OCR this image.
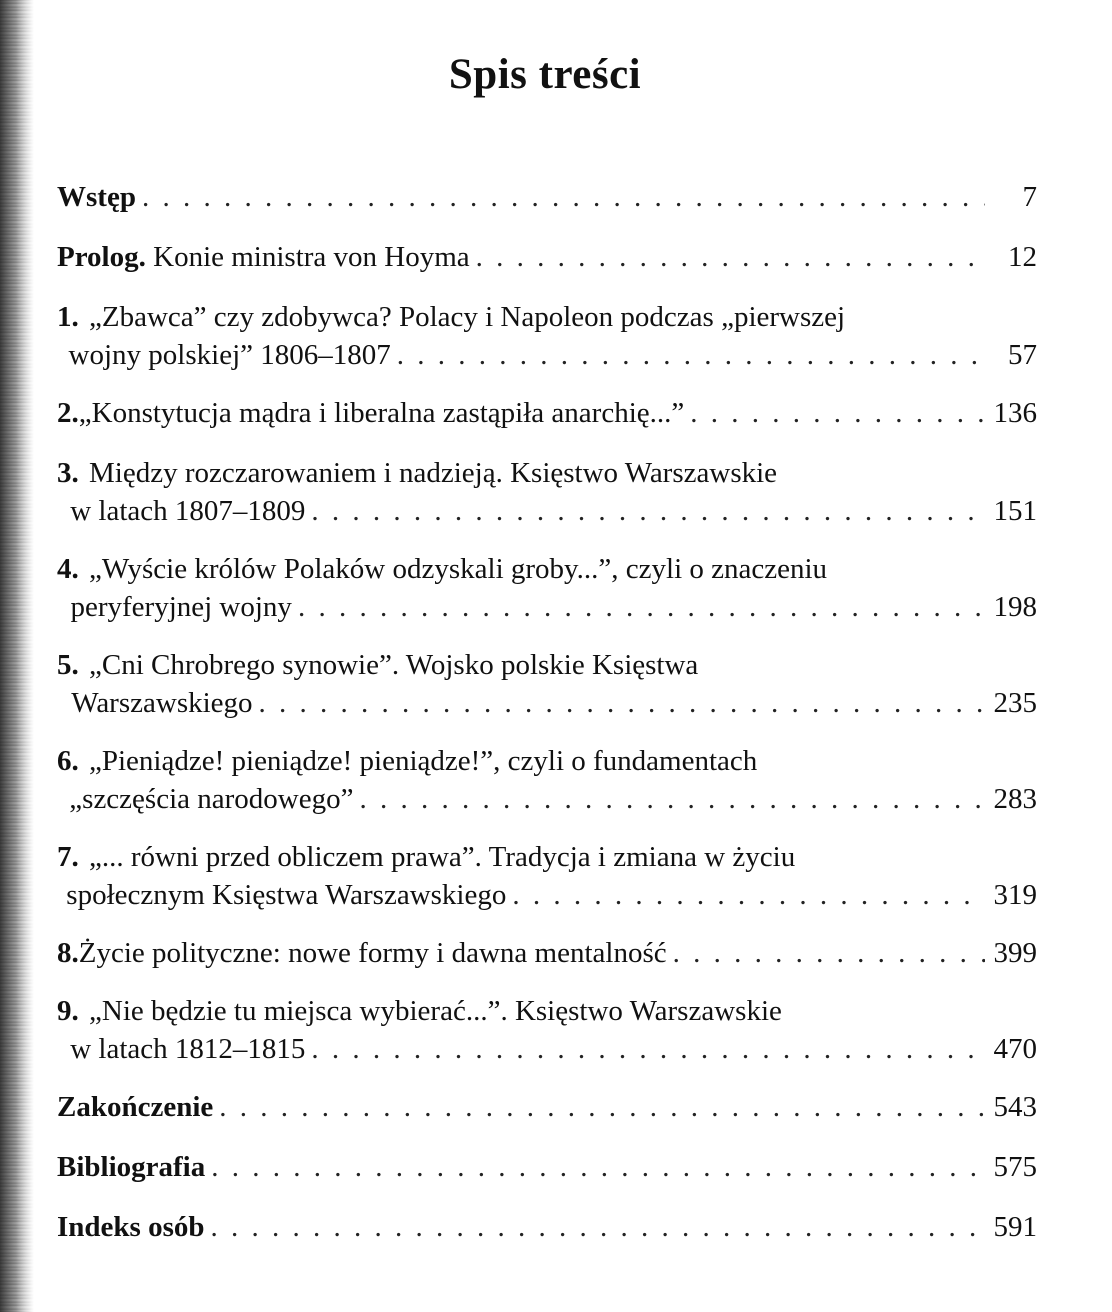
Spis treści
Wstęp . . .	7
Prolog. Konie ministra von Hoyma . . .	12
1. „Zbawca” czy zdobywca? Polacy i Napoleon podczas „pierwszej
wojny polskiej” 1806–1807 . . .	57
2. „Konstytucja mądra i liberalna zastąpiła anarchię...” . . .	136
3. Między rozczarowaniem i nadzieją. Księstwo Warszawskie
w latach 1807–1809 . . .	151
4. „Wyście królów Polaków odzyskali groby...”, czyli o znaczeniu
peryferyjnej wojny . . .	198
5. „Cni Chrobrego synowie”. Wojsko polskie Księstwa
Warszawskiego . . .	235
6. „Pieniądze! pieniądze! pieniądze!”, czyli o fundamentach
„szczęścia narodowego” . . .	283
7. „... równi przed obliczem prawa”. Tradycja i zmiana w życiu
społecznym Księstwa Warszawskiego . . .	319
8. Życie polityczne: nowe formy i dawna mentalność . . .	399
9. „Nie będzie tu miejsca wybierać...”. Księstwo Warszawskie
w latach 1812–1815 . . .	470
Zakończenie . . .	543
Bibliografia . . .	575
Indeks osób . . .	591
